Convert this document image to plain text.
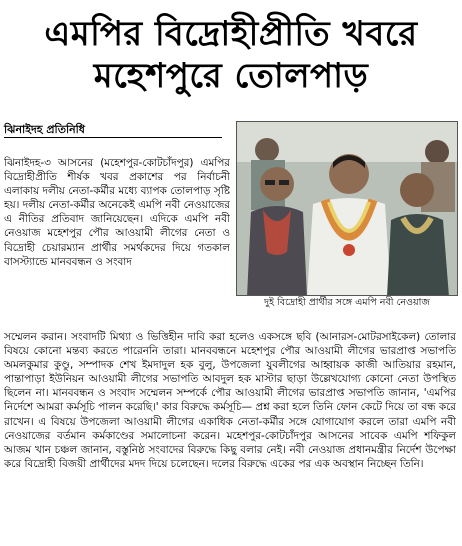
এমপির বিদ্রোহীপ্রীতি খবরে
মহেশপুরে তোলপাড়
ঝিনাইদহ প্রতিনিধি
দুই বিদ্রোহী প্রার্থীর সঙ্গে এমপি নবী নেওয়াজ
ঝিনাইদহ-৩ আসনের (মহেশপুর-কোটচাঁদপুর) এমপির বিদ্রোহীপ্রীতি শীর্ষক খবর প্রকাশের পর নির্বাচনী এলাকায় দলীয় নেতা-কর্মীর মধ্যে ব্যাপক তোলপাড় সৃষ্টি হয়। দলীয় নেতা-কর্মীর অনেকেই এমপি নবী নেওয়াজের এ নীতির প্রতিবাদ জানিয়েছেন। এদিকে এমপি নবী নেওয়াজ মহেশপুর পৌর আওয়ামী লীগের নেতা ও বিদ্রোহী চেয়ারম্যান প্রার্থীর সমর্থকদের দিয়ে গতকাল বাসস্ট্যান্ডে মানববন্ধন ও সংবাদ
সম্মেলন করান। সংবাদটি মিথ্যা ও ভিত্তিহীন দাবি করা হলেও একসঙ্গে ছবি (আনারস-মোটরসাইকেল) তোলার বিষয়ে কোনো মন্তব্য করতে পারেননি তারা। মানববন্ধনে মহেশপুর পৌর আওয়ামী লীগের ভারপ্রাপ্ত সভাপতি অমলকুমার কুণ্ডু, সম্পাদক শেখ ইমদাদুল হক বুলু, উপজেলা যুবলীগের আহ্বায়ক কাজী আতিয়ার রহমান, পান্তাপাড়া ইউনিয়ন আওয়ামী লীগের সভাপতি আবদুল হক মাস্টার ছাড়া উল্লেখযোগ্য কোনো নেতা উপস্থিত ছিলেন না। মানববন্ধন ও সংবাদ সম্মেলন সম্পর্কে পৌর আওয়ামী লীগের ভারপ্রাপ্ত সভাপতি জানান, 'এমপির নির্দেশে আমরা কর্মসূচি পালন করেছি।' কার বিরুদ্ধে কর্মসূচি— প্রশ্ন করা হলে তিনি ফোন কেটে দিয়ে তা বন্ধ করে রাখেন। এ বিষয়ে উপজেলা আওয়ামী লীগের একাধিক নেতা-কর্মীর সঙ্গে যোগাযোগ করলে তারা এমপি নবী নেওয়াজের বর্তমান কর্মকাণ্ডের সমালোচনা করেন। মহেশপুর-কোটচাঁদপুর আসনের সাবেক এমপি শফিকুল আজম খান চঞ্চল জানান, বস্তুনিষ্ঠ সংবাদের বিরুদ্ধে কিছু বলার নেই। নবী নেওয়াজ প্রধানমন্ত্রীর নির্দেশ উপেক্ষা করে বিদ্রোহী বিজয়ী প্রার্থীদের মদদ দিয়ে চলেছেন। দলের বিরুদ্ধে একের পর এক অবস্থান নিচ্ছেন তিনি।
